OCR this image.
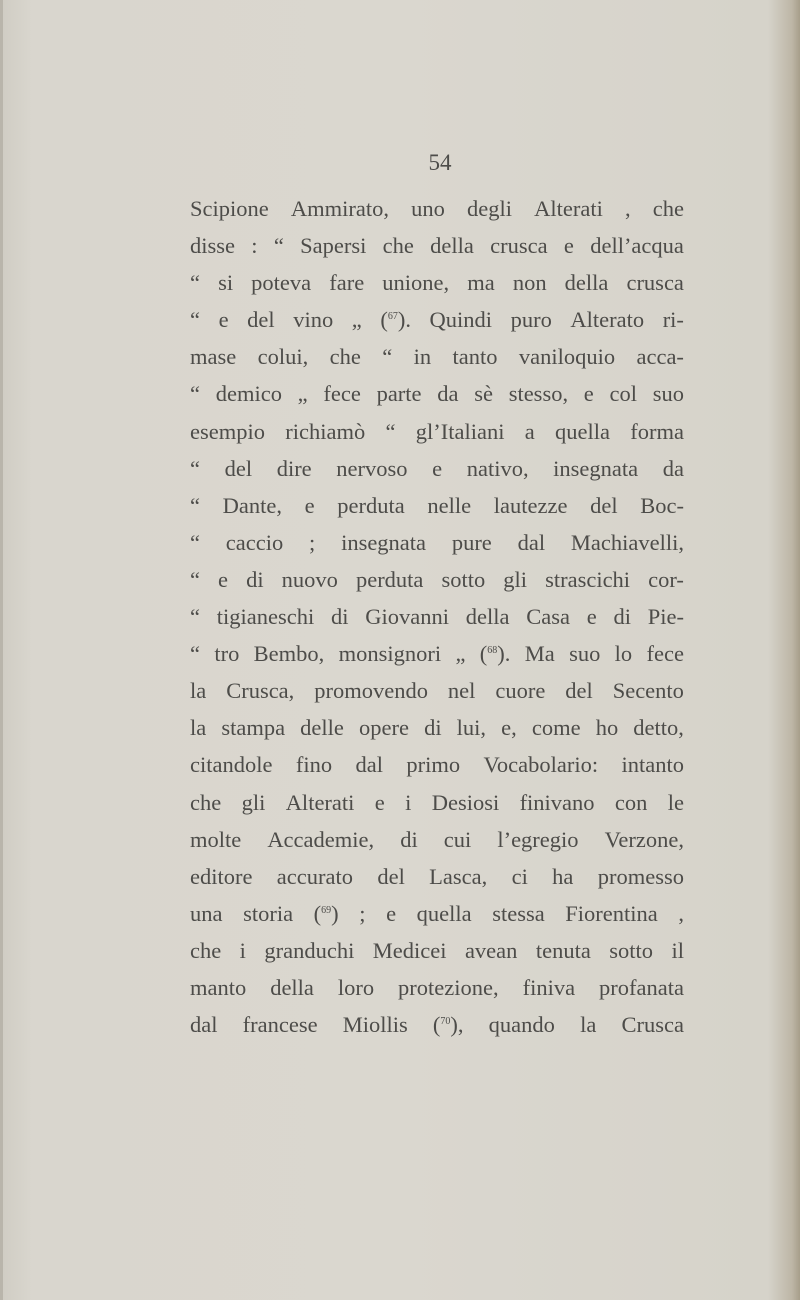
54
Scipione Ammirato, uno degli Alterati , che
disse : “ Sapersi che della crusca e dell’acqua
“ si poteva fare unione, ma non della crusca
“ e del vino „ ($^{67}$). Quindi puro Alterato ri-
mase colui, che “ in tanto vaniloquio acca-
“ demico „ fece parte da sè stesso, e col suo
esempio richiamò “ gl’Italiani a quella forma
“ del dire nervoso e nativo, insegnata da
“ Dante, e perduta nelle lautezze del Boc-
“ caccio ; insegnata pure dal Machiavelli,
“ e di nuovo perduta sotto gli strascichi cor-
“ tigianeschi di Giovanni della Casa e di Pie-
“ tro Bembo, monsignori „ ($^{68}$). Ma suo lo fece
la Crusca, promovendo nel cuore del Secento
la stampa delle opere di lui, e, come ho detto,
citandole fino dal primo Vocabolario: intanto
che gli Alterati e i Desiosi finivano con le
molte Accademie, di cui l’egregio Verzone,
editore accurato del Lasca, ci ha promesso
una storia ($^{69}$) ; e quella stessa Fiorentina ,
che i granduchi Medicei avean tenuta sotto il
manto della loro protezione, finiva profanata
dal francese Miollis ($^{70}$), quando la Crusca
